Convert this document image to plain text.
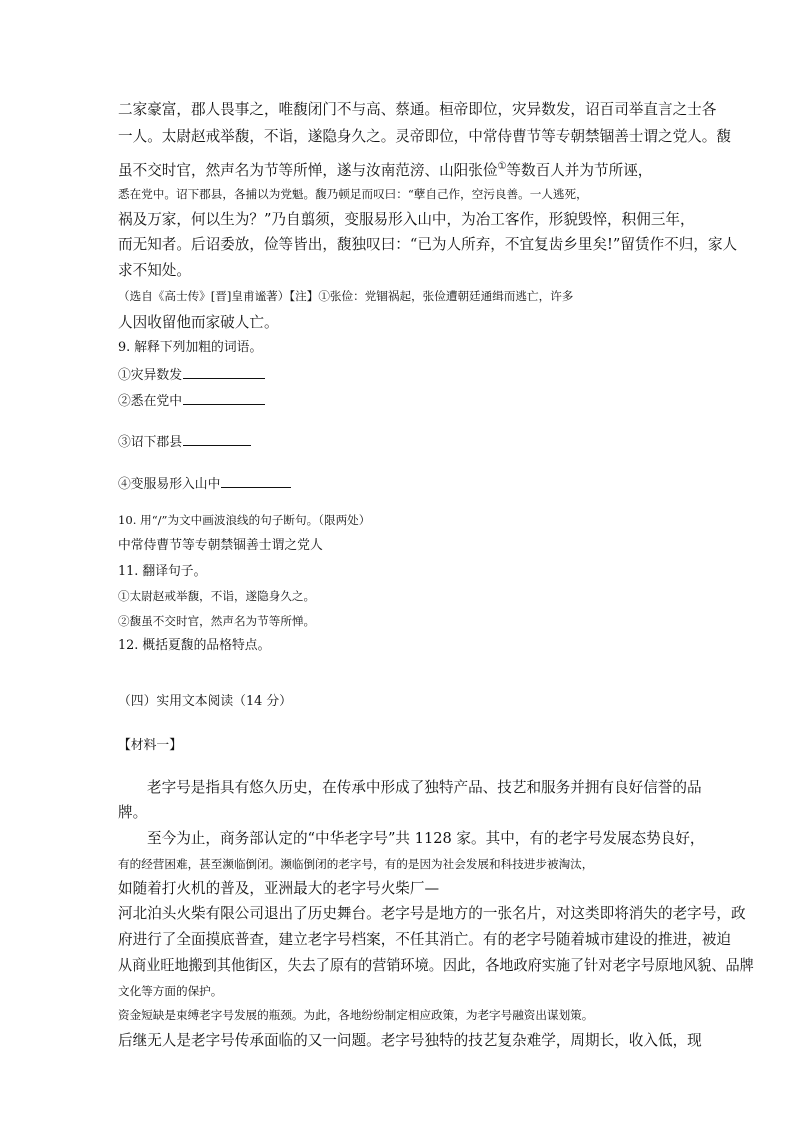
二家豪富，郡人畏事之，唯馥闭门不与高、蔡通。桓帝即位，灾异数发，诏百司举直言之士各
一人。太尉赵戒举馥，不诣，遂隐身久之。灵帝即位，中常侍曹节等专朝禁锢善士谓之党人。馥
虽不交时官，然声名为节等所惮，遂与汝南范滂、山阳张俭①等数百人并为节所诬，
悉在党中。诏下郡县，各捕以为党魁。馥乃顿足而叹曰：“孽自己作，空污良善。一人逃死，
祸及万家，何以生为？”乃自翦须，变服易形入山中，为冶工客作，形貌毁悴，积佣三年，
而无知者。后诏委放，俭等皆出，馥独叹曰：“已为人所弃，不宜复齿乡里矣!”留赁作不归，家人
求不知处。
（选自《高士传》[晋]皇甫谧著）【注】①张俭：党锢祸起，张俭遭朝廷通缉而逃亡，许多
人因收留他而家破人亡。
9. 解释下列加粗的词语。
①灾异数发
②悉在党中
③诏下郡县
④变服易形入山中
10. 用“/”为文中画波浪线的句子断句。（限两处）
中常侍曹节等专朝禁锢善士谓之党人
11. 翻译句子。
①太尉赵戒举馥，不诣，遂隐身久之。
②馥虽不交时官，然声名为节等所惮。
12. 概括夏馥的品格特点。
（四）实用文本阅读（14 分）
【材料一】
老字号是指具有悠久历史，在传承中形成了独特产品、技艺和服务并拥有良好信誉的品
牌。
至今为止，商务部认定的“中华老字号”共 1128 家。其中，有的老字号发展态势良好，
有的经营困难，甚至濒临倒闭。濒临倒闭的老字号，有的是因为社会发展和科技进步被淘汰，
如随着打火机的普及，亚洲最大的老字号火柴厂—
河北泊头火柴有限公司退出了历史舞台。老字号是地方的一张名片，对这类即将消失的老字号，政
府进行了全面摸底普查，建立老字号档案，不任其消亡。有的老字号随着城市建设的推进，被迫
从商业旺地搬到其他街区，失去了原有的营销环境。因此，各地政府实施了针对老字号原地风貌、品牌
文化等方面的保护。
资金短缺是束缚老字号发展的瓶颈。为此，各地纷纷制定相应政策，为老字号融资出谋划策。
后继无人是老字号传承面临的又一问题。老字号独特的技艺复杂难学，周期长，收入低，现
